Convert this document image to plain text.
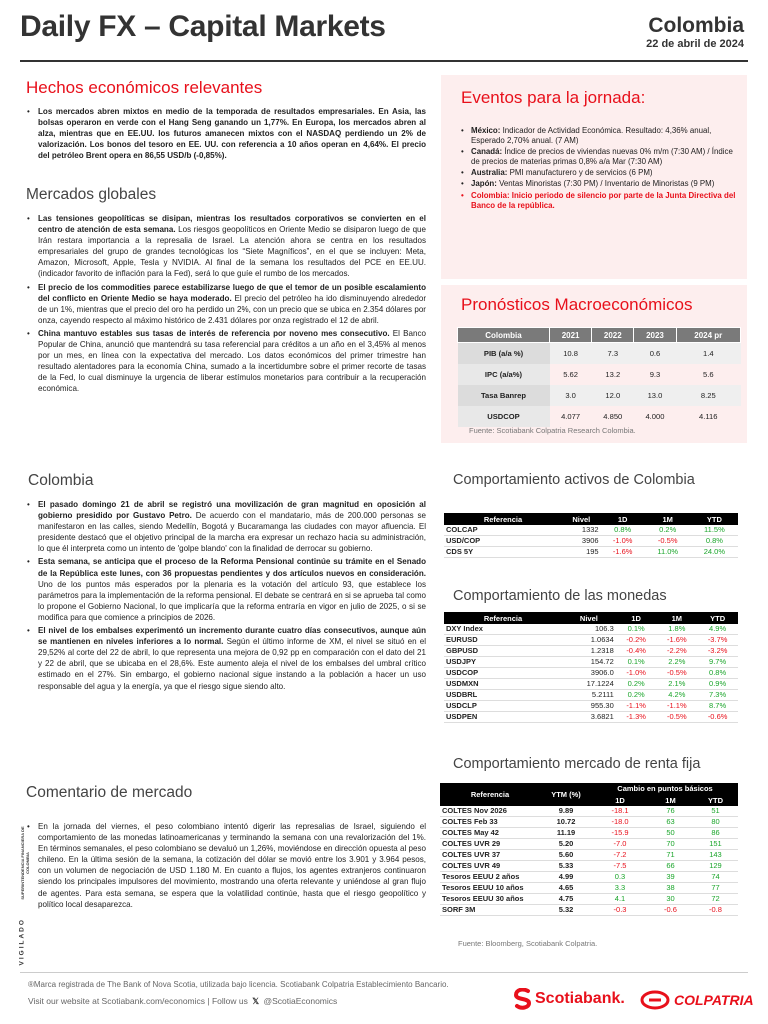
Daily FX – Capital Markets	Colombia
22 de abril de 2024
Hechos económicos relevantes
• Los mercados abren mixtos en medio de la temporada de resultados empresariales. En Asia, las bolsas operaron en verde con el Hang Seng ganando un 1,77%. En Europa, los mercados abren al alza, mientras que en EE.UU. los futuros amanecen mixtos con el NASDAQ perdiendo un 2% de valorización. Los bonos del tesoro en EE. UU. con referencia a 10 años operan en 4,64%. El precio del petróleo Brent opera en 86,55 USD/b (-0,85%).
Mercados globales
• Las tensiones geopolíticas se disipan, mientras los resultados corporativos se convierten en el centro de atención de esta semana. Los riesgos geopolíticos en Oriente Medio se disiparon luego de que Irán restara importancia a la represalia de Israel. La atención ahora se centra en los resultados empresariales del grupo de grandes tecnológicas los “Siete Magníficos”, en el que se incluyen: Meta, Amazon, Microsoft, Apple, Tesla y NVIDIA. Al final de la semana los resultados del PCE en EE.UU. (indicador favorito de inflación para la Fed), será lo que guíe el rumbo de los mercados.
• El precio de los commodities parece estabilizarse luego de que el temor de un posible escalamiento del conflicto en Oriente Medio se haya moderado. El precio del petróleo ha ido disminuyendo alrededor de un 1%, mientras que el precio del oro ha perdido un 2%, con un precio que se ubica en 2.354 dólares por onza, cayendo respecto al máximo histórico de 2.431 dólares por onza registrado el 12 de abril.
• China mantuvo estables sus tasas de interés de referencia por noveno mes consecutivo. El Banco Popular de China, anunció que mantendrá su tasa referencial para créditos a un año en el 3,45% al menos por un mes, en línea con la expectativa del mercado. Los datos económicos del primer trimestre han resultado alentadores para la economía China, sumado a la incertidumbre sobre el primer recorte de tasas de la Fed, lo cual disminuye la urgencia de liberar estímulos monetarios para contribuir a la recuperación económica.
Colombia
• El pasado domingo 21 de abril se registró una movilización de gran magnitud en oposición al gobierno presidido por Gustavo Petro. De acuerdo con el mandatario, más de 200.000 personas se manifestaron en las calles, siendo Medellín, Bogotá y Bucaramanga las ciudades con mayor afluencia. El presidente destacó que el objetivo principal de la marcha era expresar un rechazo hacia su administración, lo que él interpreta como un intento de 'golpe blando' con la finalidad de derrocar su gobierno.
• Esta semana, se anticipa que el proceso de la Reforma Pensional continúe su trámite en el Senado de la República este lunes, con 36 propuestas pendientes y dos artículos nuevos en consideración. Uno de los puntos más esperados por la plenaria es la votación del artículo 93, que establece los parámetros para la implementación de la reforma pensional. El debate se centrará en si se aprueba tal como lo propone el Gobierno Nacional, lo que implicaría que la reforma entraría en vigor en julio de 2025, o si se modifica para que comience a principios de 2026.
• El nivel de los embalses experimentó un incremento durante cuatro días consecutivos, aunque aún se mantienen en niveles inferiores a lo normal. Según el último informe de XM, el nivel se situó en el 29,52% al corte del 22 de abril, lo que representa una mejora de 0,92 pp en comparación con el dato del 21 y 22 de abril, que se ubicaba en el 28,6%. Este aumento aleja el nivel de los embalses del umbral crítico estimado en el 27%. Sin embargo, el gobierno nacional sigue instando a la población a hacer un uso responsable del agua y la energía, ya que el riesgo sigue siendo alto.
Comentario de mercado
• En la jornada del viernes, el peso colombiano intentó digerir las represalias de Israel, siguiendo el comportamiento de las monedas latinoamericanas y terminando la semana con una revalorización del 1%. En términos semanales, el peso colombiano se devaluó un 1,26%, moviéndose en dirección opuesta al peso chileno. En la última sesión de la semana, la cotización del dólar se movió entre los 3.901 y 3.964 pesos, con un volumen de negociación de USD 1.180 M. En cuanto a flujos, los agentes extranjeros continuaron siendo los principales impulsores del movimiento, mostrando una oferta relevante y uniéndose al gran flujo de agentes. Para esta semana, se espera que la volatilidad continúe, hasta que el riesgo geopolítico y político local desaparezca.
VIGILADO
SUPERINTENDENCIA FINANCIERA DE COLOMBIA
Eventos para la jornada:
• México: Indicador de Actividad Económica. Resultado: 4,36% anual, Esperado 2,70% anual. (7 AM)
• Canadá: Índice de precios de viviendas nuevas 0% m/m (7:30 AM) / Índice de precios de materias primas 0,8% a/a Mar (7:30 AM)
• Australia: PMI manufacturero y de servicios (6 PM)
• Japón: Ventas Minoristas (7:30 PM) / Inventario de Minoristas (9 PM)
• Colombia: Inicio periodo de silencio por parte de la Junta Directiva del Banco de la república.
Pronósticos Macroeconómicos
Colombia	2021	2022	2023	2024 pr
PIB (a/a %)	10.8	7.3	0.6	1.4
IPC (a/a%)	5.62	13.2	9.3	5.6
Tasa Banrep	3.0	12.0	13.0	8.25
USDCOP	4.077	4.850	4.000	4.116
Fuente: Scotiabank Colpatria Research Colombia.
Comportamiento activos de Colombia
Referencia	Nivel	1D	1M	YTD
COLCAP	1332	0.8%	0.2%	11.5%
USD/COP	3906	-1.0%	-0.5%	0.8%
CDS 5Y	195	-1.6%	11.0%	24.0%
Comportamiento de las monedas
Referencia	Nivel	1D	1M	YTD
DXY Index	106.3	0.1%	1.8%	4.9%
EURUSD	1.0634	-0.2%	-1.6%	-3.7%
GBPUSD	1.2318	-0.4%	-2.2%	-3.2%
USDJPY	154.72	0.1%	2.2%	9.7%
USDCOP	3906.0	-1.0%	-0.5%	0.8%
USDMXN	17.1224	0.2%	2.1%	0.9%
USDBRL	5.2111	0.2%	4.2%	7.3%
USDCLP	955.30	-1.1%	-1.1%	8.7%
USDPEN	3.6821	-1.3%	-0.5%	-0.6%
Comportamiento mercado de renta fija
Referencia	YTM (%)	Cambio en puntos básicos		
		1D	1M	YTD
COLTES Nov 2026	9.89	-18.1	76	51
COLTES Feb 33	10.72	-18.0	63	80
COLTES May 42	11.19	-15.9	50	86
COLTES UVR 29	5.20	-7.0	70	151
COLTES UVR 37	5.60	-7.2	71	143
COLTES UVR 49	5.33	-7.5	66	129
Tesoros EEUU 2 años	4.99	0.3	39	74
Tesoros EEUU 10 años	4.65	3.3	38	77
Tesoros EEUU 30 años	4.75	4.1	30	72
SORF 3M	5.32	-0.3	-0.6	-0.8
Fuente: Bloomberg, Scotiabank Colpatria.
®Marca registrada de The Bank of Nova Scotia, utilizada bajo licencia. Scotiabank Colpatria Establecimiento Bancario.
Visit our website at Scotiabank.com/economics | Follow us 𝕏 @ScotiaEconomics	Scotiabank.	COLPATRIA
